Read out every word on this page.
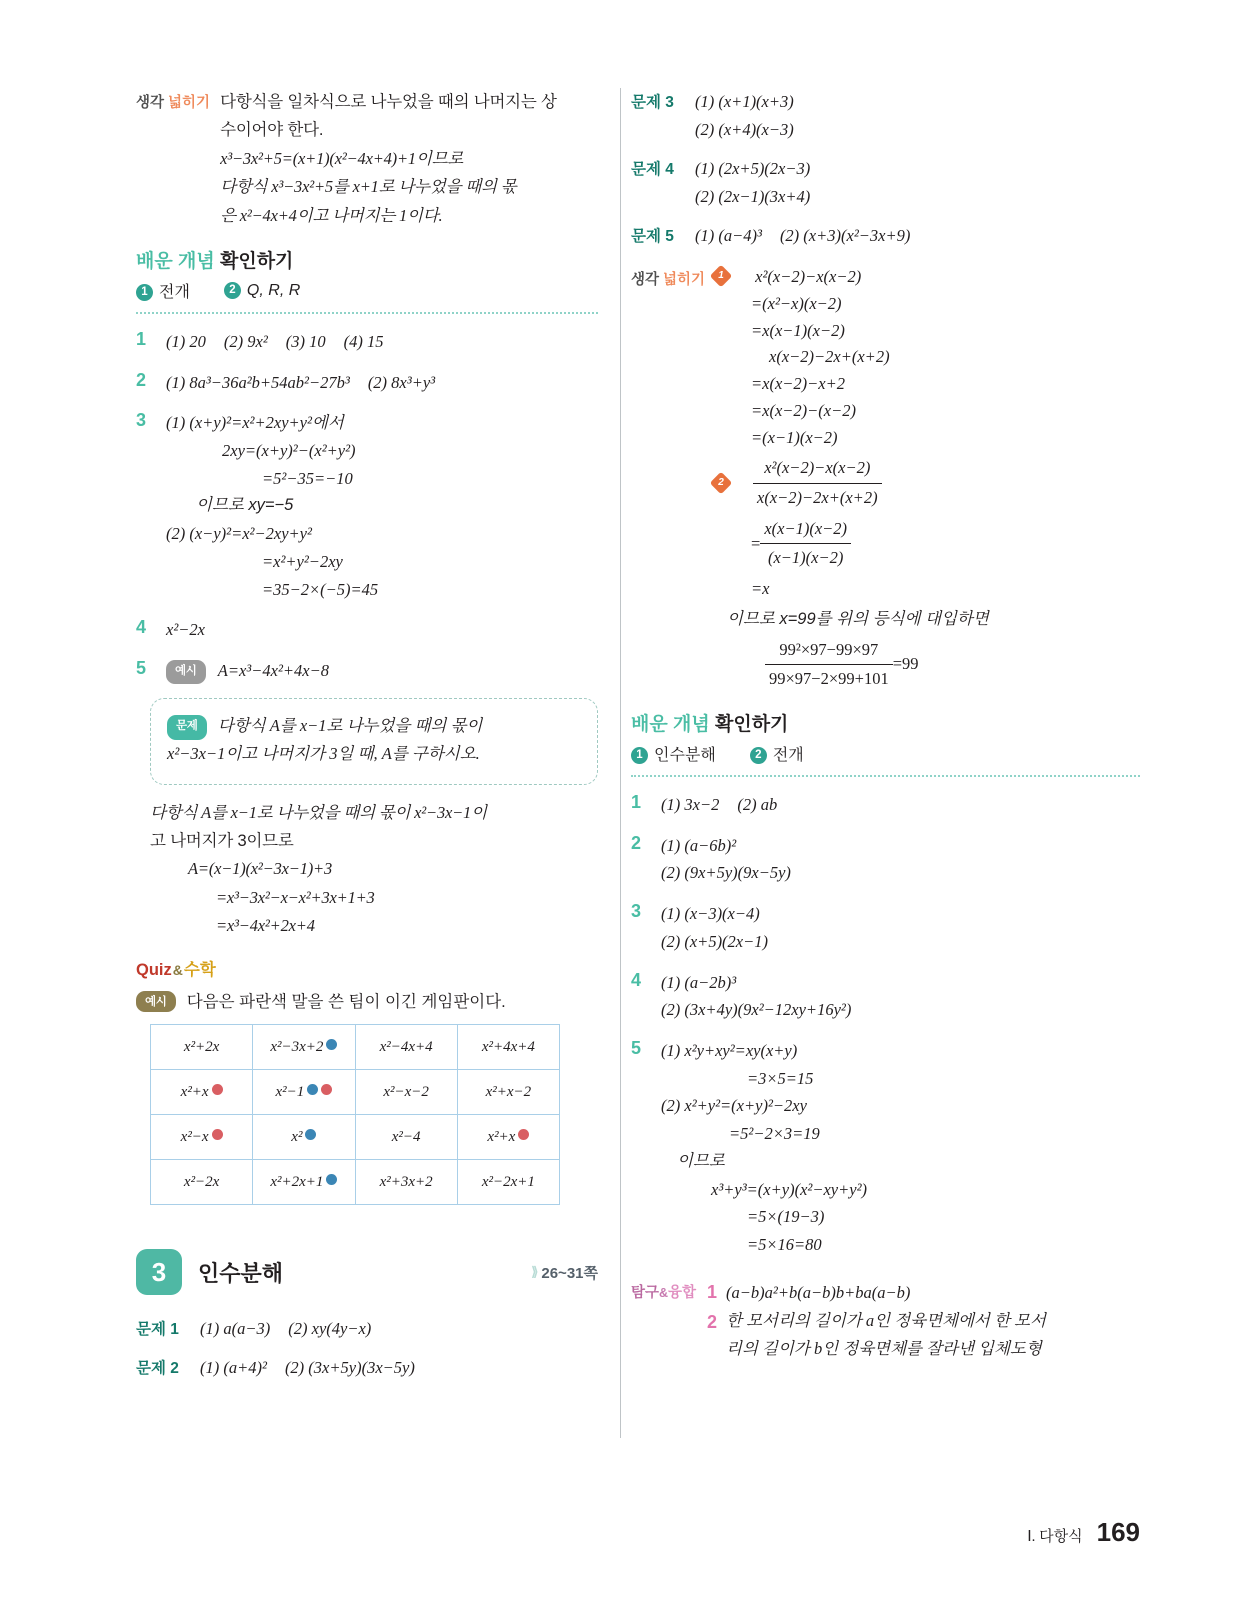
생각 넓히기 다항식을 일차식으로 나누었을 때의 나머지는 상
수이어야 한다.
x³−3x²+5=(x+1)(x²−4x+4)+1이므로
다항식 x³−3x²+5를 x+1로 나누었을 때의 몫
은 x²−4x+4이고 나머지는 1이다.
배운 개념 확인하기
1 전개	2 Q, R, R
1	(1) 20 (2) 9x² (3) 10 (4) 15
2	(1) 8a³−36a²b+54ab²−27b³ (2) 8x³+y³
3	(1) (x+y)²=x²+2xy+y²에서
2xy=(x+y)²−(x²+y²)
=5²−35=−10
이므로 xy=−5
(2) (x−y)²=x²−2xy+y²
=x²+y²−2xy
=35−2×(−5)=45
4	x²−2x
5	예시 A=x³−4x²+4x−8
문제 다항식 A를 x−1로 나누었을 때의 몫이
x²−3x−1이고 나머지가 3일 때, A를 구하시오.
다항식 A를 x−1로 나누었을 때의 몫이 x²−3x−1이
고 나머지가 3이므로
A=(x−1)(x²−3x−1)+3
=x³−3x²−x−x²+3x+1+3
=x³−4x²+2x+4
Quiz&수학
예시 다음은 파란색 말을 쓴 팀이 이긴 게임판이다.
x²+2x	x²−3x+2	x²−4x+4	x²+4x+4
x²+x	x²−1	x²−x−2	x²+x−2
x²−x	x²	x²−4	x²+x
x²−2x	x²+2x+1	x²+3x+2	x²−2x+1
3	인수분해	⟩⟩ 26~31쪽
문제 1	(1) a(a−3) (2) xy(4y−x)
문제 2	(1) (a+4)² (2) (3x+5y)(3x−5y)
문제 3	(1) (x+1)(x+3)
(2) (x+4)(x−3)
문제 4	(1) (2x+5)(2x−3)
(2) (2x−1)(3x+4)
문제 5	(1) (a−4)³ (2) (x+3)(x²−3x+9)
생각 넓히기	1	x²(x−2)−x(x−2)
=(x²−x)(x−2)
=x(x−1)(x−2)
x(x−2)−2x+(x+2)
=x(x−2)−x+2
=x(x−2)−(x−2)
=(x−1)(x−2)
2	$\frac{\text{x²(x−2)−x(x−2)}}{x(x-2)-2x+(x+2)}$
= $\frac{x(x-1)(x-2)}{(x-1)(x-2)}$
=x
이므로 x=99를 위의 등식에 대입하면
$\frac{\text{99²×97−99×97}}{99\times 97-2\times 99+101} =99$
배운 개념 확인하기
1 인수분해	2 전개
1	(1) 3x−2 (2) ab
2	(1) (a−6b)²
(2) (9x+5y)(9x−5y)
3	(1) (x−3)(x−4)
(2) (x+5)(2x−1)
4	(1) (a−2b)³
(2) (3x+4y)(9x²−12xy+16y²)
5	(1) x²y+xy²=xy(x+y)
=3×5=15
(2) x²+y²=(x+y)²−2xy
=5²−2×3=19
이므로
x³+y³=(x+y)(x²−xy+y²)
=5×(19−3)
=5×16=80
탐구&융합 1 (a−b)a²+b(a−b)b+ba(a−b)
2 한 모서리의 길이가 a인 정육면체에서 한 모서
리의 길이가 b인 정육면체를 잘라낸 입체도형
Ⅰ. 다항식 169
